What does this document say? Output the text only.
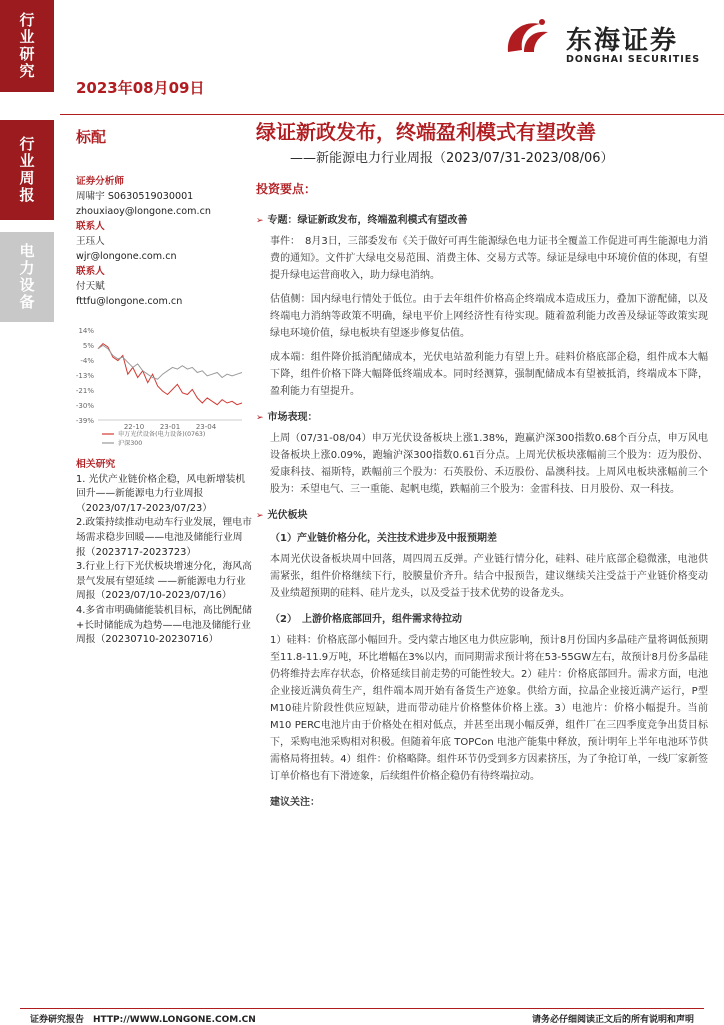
行业研究
行业周报
电力设备
2023年08月09日
东海证券
DONGHAI SECURITIES
标配	绿证新政发布，终端盈利模式有望改善
——新能源电力行业周报（2023/07/31-2023/08/06）
证券分析师
周啸宇 S0630519030001
zhouxiaoy@longone.com.cn
联系人
王珏人
wjr@longone.com.cn
联系人
付天赋
fttfu@longone.com.cn
14%
5%
-4%
-13%
-21%
-30%
-39%
22-10 23-01 23-04
申万光伏设备(电力设备)(0763)
沪深300
相关研究
1. 光伏产业链价格企稳，风电新增装机回升——新能源电力行业周报（2023/07/17-2023/07/23）
2.政策持续推动电动车行业发展，锂电市场需求稳步回暖——电池及储能行业周报（2023717-2023723）
3.行业上行下光伏板块增速分化，海风高景气发展有望延续 ——新能源电力行业周报（2023/07/10-2023/07/16）
4.多省市明确储能装机目标，高比例配储+长时储能成为趋势——电池及储能行业周报（20230710-20230716）
投资要点：
➢ 专题：绿证新政发布，终端盈利模式有望改善
事件：　8月3日，三部委发布《关于做好可再生能源绿色电力证书全覆盖工作促进可再生能源电力消费的通知》。文件扩大绿电交易范围、消费主体、交易方式等。绿证是绿电中环境价值的体现，有望提升绿电运营商收入，助力绿电消纳。
估值侧：国内绿电行情处于低位。由于去年组件价格高企终端成本造成压力，叠加下游配储，以及终端电力消纳等政策不明确，绿电平价上网经济性有待实现。随着盈利能力改善及绿证等政策实现绿电环境价值，绿电板块有望逐步修复估值。
成本端：组件降价抵消配储成本，光伏电站盈利能力有望上升。硅料价格底部企稳，组件成本大幅下降，组件价格下降大幅降低终端成本。同时经测算，强制配储成本有望被抵消，终端成本下降，盈利能力有望提升。
➢ 市场表现：
上周（07/31-08/04）申万光伏设备板块上涨1.38%，跑赢沪深300指数0.68个百分点，申万风电设备板块上涨0.09%，跑输沪深300指数0.61百分点。上周光伏板块涨幅前三个股为：迈为股份、爱康科技、福斯特，跌幅前三个股为：石英股份、禾迈股份、晶澳科技。上周风电板块涨幅前三个股为：禾望电气、三一重能、起帆电缆，跌幅前三个股为：金雷科技、日月股份、双一科技。
➢ 光伏板块
（1）产业链价格分化，关注技术进步及中报预期差
本周光伏设备板块周中回落，周四周五反弹。产业链行情分化，硅料、硅片底部企稳微涨，电池供需紧张，组件价格继续下行，胶膜量价齐升。结合中报预告，建议继续关注受益于产业链价格变动及业绩超预期的硅料、硅片龙头，以及受益于技术优势的设备龙头。
（2）　上游价格底部回升，组件需求待拉动
1）硅料：价格底部小幅回升。受内蒙古地区电力供应影响，预计8月份国内多晶硅产量将调低预期至11.8-11.9万吨，环比增幅在3%以内，而同期需求预计将在53-55GW左右，故预计8月份多晶硅仍将维持去库存状态，价格延续目前走势的可能性较大。2）硅片：价格底部回升。需求方面，电池企业接近满负荷生产，组件端本周开始有备货生产迹象。供给方面，拉晶企业接近满产运行，P型M10硅片阶段性供应短缺，进而带动硅片价格整体价格上涨。3）电池片：价格小幅提升。当前M10 PERC电池片由于价格处在相对低点，并甚至出现小幅反弹，组件厂在三四季度竞争出货目标下，采购电池采购相对积极。但随着年底 TOPCon 电池产能集中释放，预计明年上半年电池环节供需格局将扭转。4）组件：价格略降。组件环节仍受到多方因素挤压，为了争抢订单，一线厂家新签订单价格也有下滑迹象，后续组件价格企稳仍有待终端拉动。
建议关注：
证券研究报告　HTTP://WWW.LONGONE.COM.CN	请务必仔细阅读正文后的所有说明和声明
